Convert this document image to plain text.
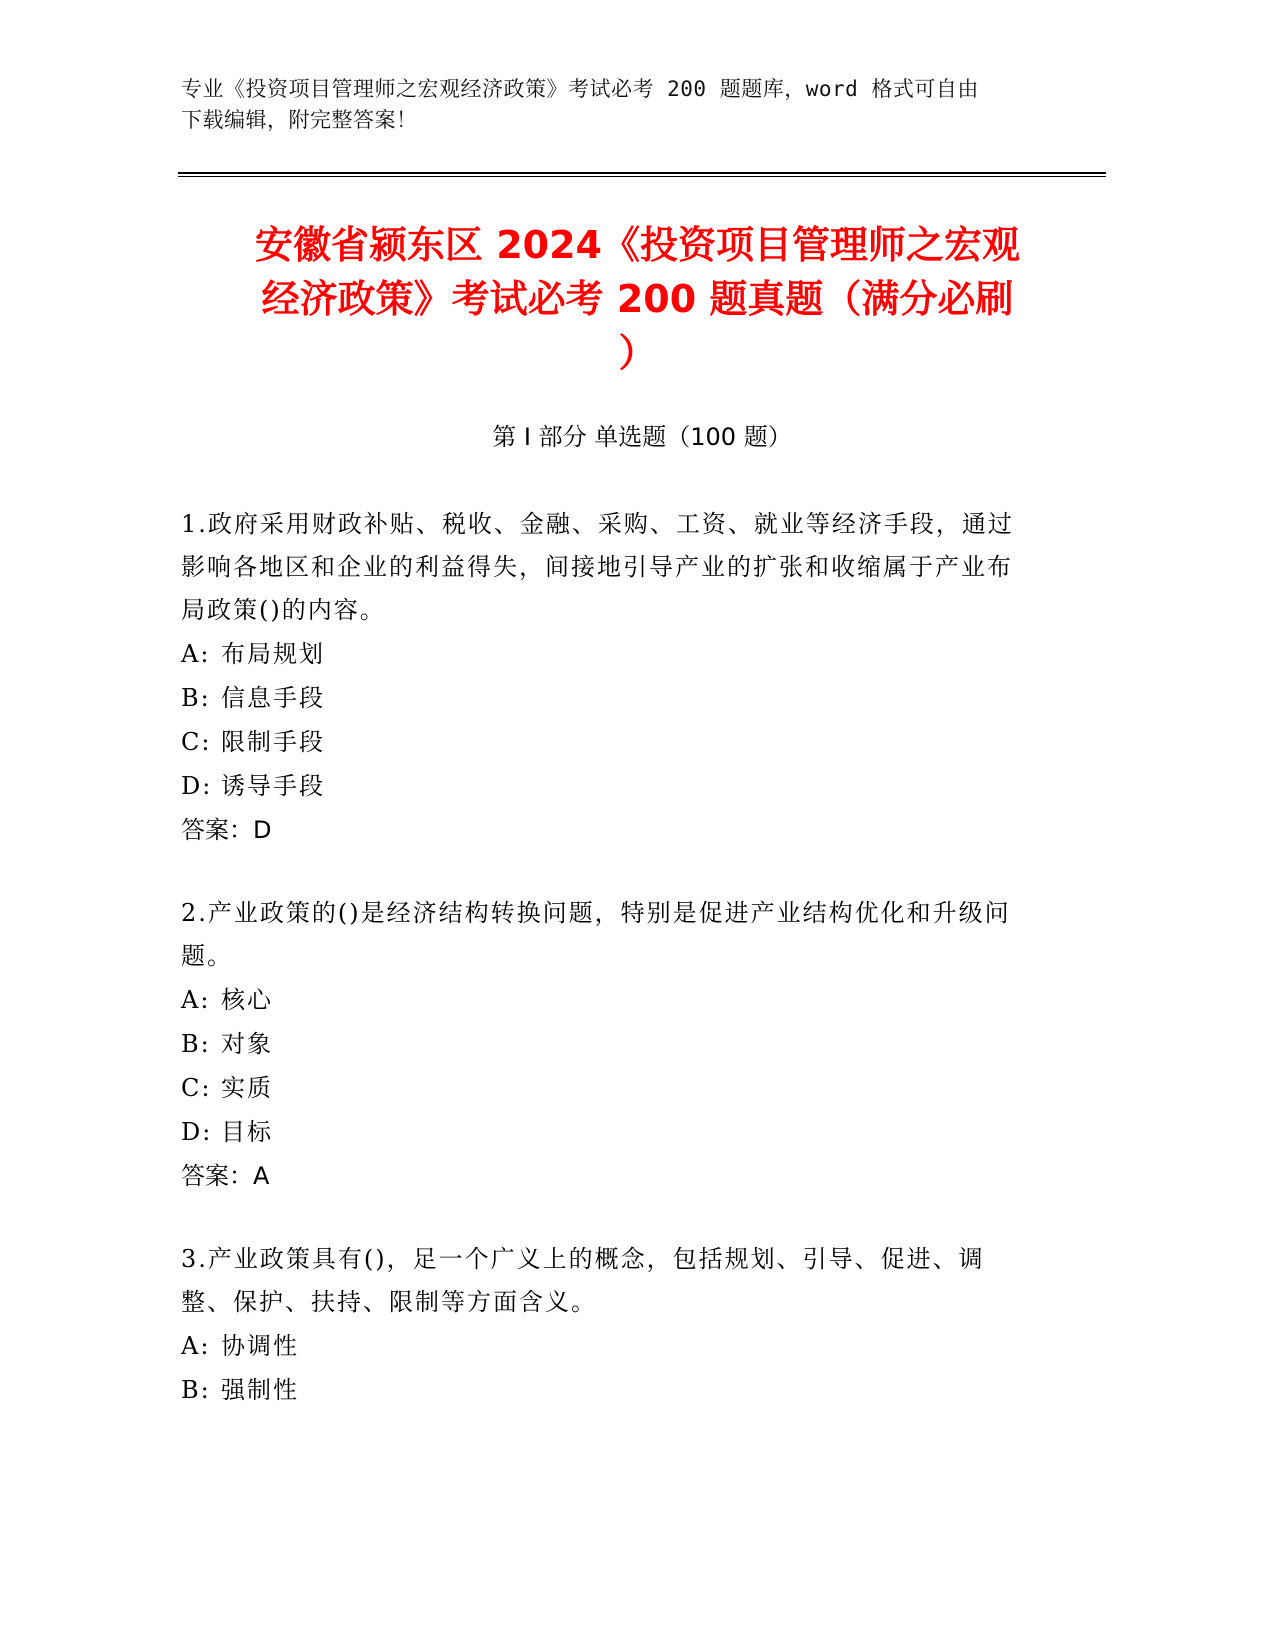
专业《投资项目管理师之宏观经济政策》考试必考 200 题题库，word 格式可自由
下载编辑，附完整答案！
安徽省颍东区 2024《投资项目管理师之宏观
经济政策》考试必考 200 题真题（满分必刷
）
第 I 部分 单选题（100 题）

1.政府采用财政补贴、税收、金融、采购、工资、就业等经济手段，通过影响各地区和企业的利益得失，间接地引导产业的扩张和收缩属于产业布局政策()的内容。

A: 布局规划

B: 信息手段

C: 限制手段

D: 诱导手段

答案：D

2.产业政策的()是经济结构转换问题，特别是促进产业结构优化和升级问题。

A: 核心

B: 对象

C: 实质

D: 目标

答案：A

3.产业政策具有()，足一个广义上的概念，包括规划、引导、促进、调整、保护、扶持、限制等方面含义。

A: 协调性

B: 强制性
